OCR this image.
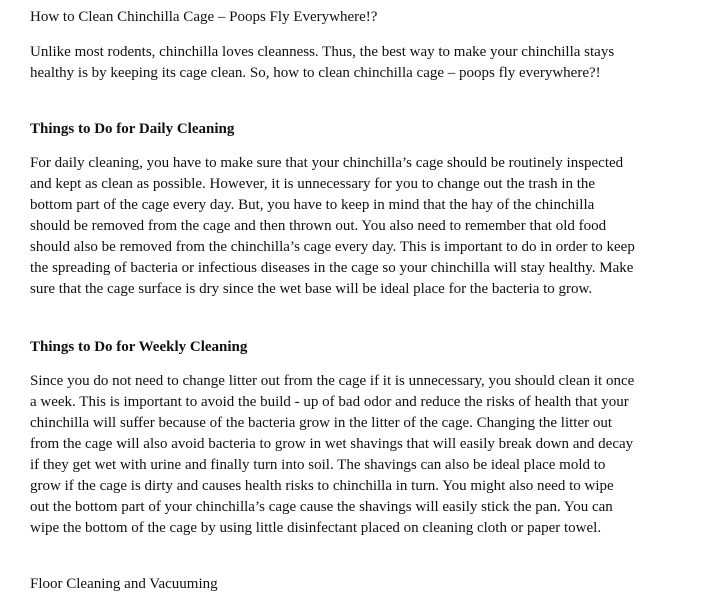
How to Clean Chinchilla Cage – Poops Fly Everywhere!?

Unlike most rodents, chinchilla loves cleanness. Thus, the best way to make your chinchilla stays healthy is by keeping its cage clean. So, how to clean chinchilla cage – poops fly everywhere?!

Things to Do for Daily Cleaning

For daily cleaning, you have to make sure that your chinchilla’s cage should be routinely inspected and kept as clean as possible. However, it is unnecessary for you to change out the trash in the bottom part of the cage every day. But, you have to keep in mind that the hay of the chinchilla should be removed from the cage and then thrown out. You also need to remember that old food should also be removed from the chinchilla’s cage every day. This is important to do in order to keep the spreading of bacteria or infectious diseases in the cage so your chinchilla will stay healthy. Make sure that the cage surface is dry since the wet base will be ideal place for the bacteria to grow.

Things to Do for Weekly Cleaning

Since you do not need to change litter out from the cage if it is unnecessary, you should clean it once a week. This is important to avoid the build - up of bad odor and reduce the risks of health that your chinchilla will suffer because of the bacteria grow in the litter of the cage. Changing the litter out from the cage will also avoid bacteria to grow in wet shavings that will easily break down and decay if they get wet with urine and finally turn into soil. The shavings can also be ideal place mold to grow if the cage is dirty and causes health risks to chinchilla in turn. You might also need to wipe out the bottom part of your chinchilla’s cage cause the shavings will easily stick the pan. You can wipe the bottom of the cage by using little disinfectant placed on cleaning cloth or paper towel.

Floor Cleaning and Vacuuming
